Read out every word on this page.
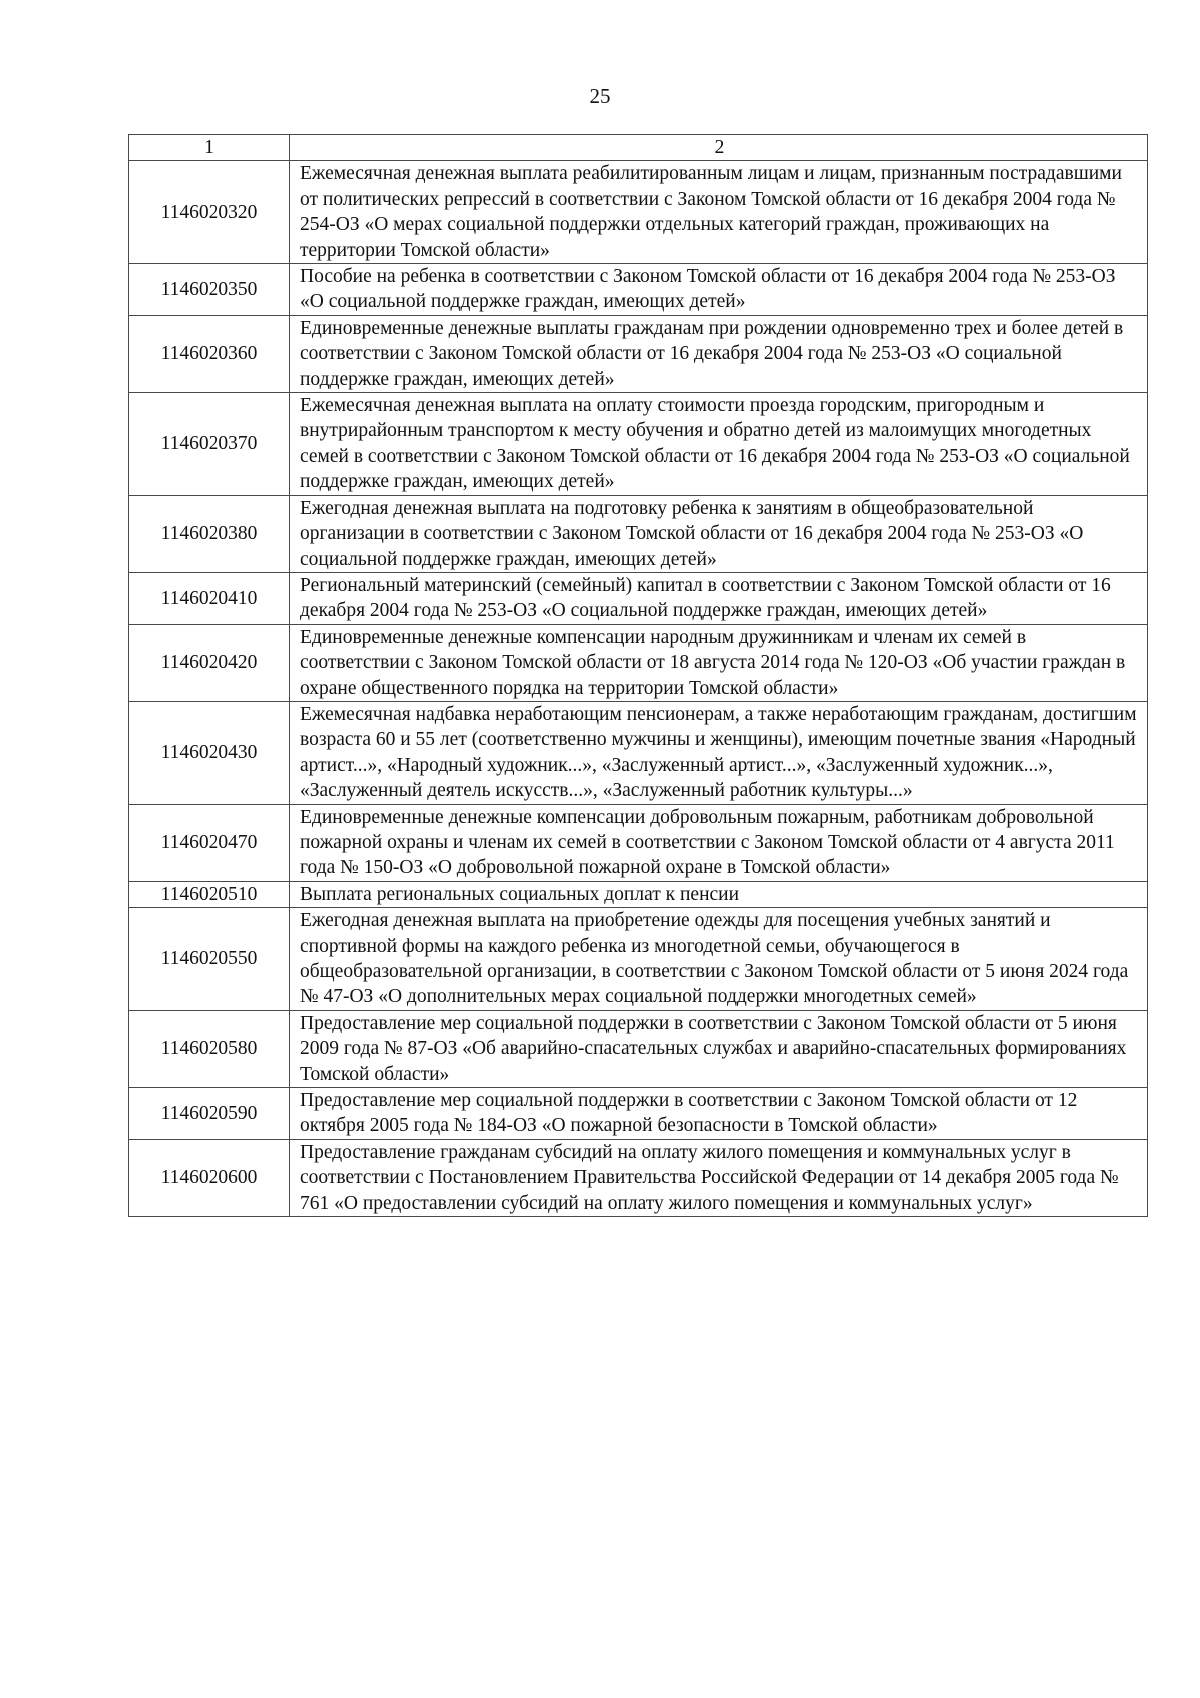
25
1	2
1146020320	Ежемесячная денежная выплата реабилитированным лицам и лицам, признанным пострадавшими от политических репрессий в соответствии с Законом Томской области от 16 декабря 2004 года № 254-ОЗ «О мерах социальной поддержки отдельных категорий граждан, проживающих на территории Томской области»
1146020350	Пособие на ребенка в соответствии с Законом Томской области от 16 декабря 2004 года № 253-ОЗ «О социальной поддержке граждан, имеющих детей»
1146020360	Единовременные денежные выплаты гражданам при рождении одновременно трех и более детей в соответствии с Законом Томской области от 16 декабря 2004 года № 253-ОЗ «О социальной поддержке граждан, имеющих детей»
1146020370	Ежемесячная денежная выплата на оплату стоимости проезда городским, пригородным и внутрирайонным транспортом к месту обучения и обратно детей из малоимущих многодетных семей в соответствии с Законом Томской области от 16 декабря 2004 года № 253-ОЗ «О социальной поддержке граждан, имеющих детей»
1146020380	Ежегодная денежная выплата на подготовку ребенка к занятиям в общеобразовательной организации в соответствии с Законом Томской области от 16 декабря 2004 года № 253-ОЗ «О социальной поддержке граждан, имеющих детей»
1146020410	Региональный материнский (семейный) капитал в соответствии с Законом Томской области от 16 декабря 2004 года № 253-ОЗ «О социальной поддержке граждан, имеющих детей»
1146020420	Единовременные денежные компенсации народным дружинникам и членам их семей в соответствии с Законом Томской области от 18 августа 2014 года № 120-ОЗ «Об участии граждан в охране общественного порядка на территории Томской области»
1146020430	Ежемесячная надбавка неработающим пенсионерам, а также неработающим гражданам, достигшим возраста 60 и 55 лет (соответственно мужчины и женщины), имеющим почетные звания «Народный артист...», «Народный художник...», «Заслуженный артист...», «Заслуженный художник...», «Заслуженный деятель искусств...», «Заслуженный работник культуры...»
1146020470	Единовременные денежные компенсации добровольным пожарным, работникам добровольной пожарной охраны и членам их семей в соответствии с Законом Томской области от 4 августа 2011 года № 150-ОЗ «О добровольной пожарной охране в Томской области»
1146020510	Выплата региональных социальных доплат к пенсии
1146020550	Ежегодная денежная выплата на приобретение одежды для посещения учебных занятий и спортивной формы на каждого ребенка из многодетной семьи, обучающегося в общеобразовательной организации, в соответствии с Законом Томской области от 5 июня 2024 года № 47-ОЗ «О дополнительных мерах социальной поддержки многодетных семей»
1146020580	Предоставление мер социальной поддержки в соответствии с Законом Томской области от 5 июня 2009 года № 87-ОЗ «Об аварийно-спасательных службах и аварийно-спасательных формированиях Томской области»
1146020590	Предоставление мер социальной поддержки в соответствии с Законом Томской области от 12 октября 2005 года № 184-ОЗ «О пожарной безопасности в Томской области»
1146020600	Предоставление гражданам субсидий на оплату жилого помещения и коммунальных услуг в соответствии с Постановлением Правительства Российской Федерации от 14 декабря 2005 года № 761 «О предоставлении субсидий на оплату жилого помещения и коммунальных услуг»
